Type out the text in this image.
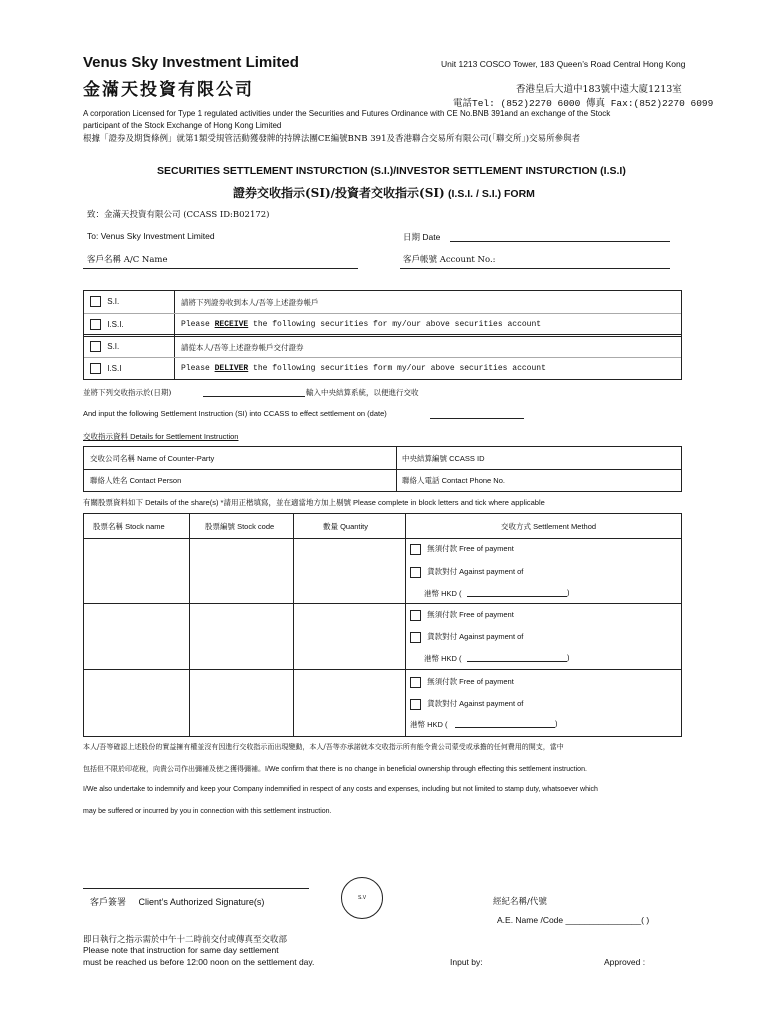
Venus Sky Investment Limited
金滿天投資有限公司
Unit 1213 COSCO Tower, 183 Queen’s Road Central Hong Kong
香港皇后大道中183號中遠大廈1213室
電話Tel: (852)2270 6000 傳真 Fax:(852)2270 6099
A corporation Licensed for Type 1 regulated activities under the Securities and Futures Ordinance with CE No.BNB 391and an exchange of the Stock
participant of the Stock Exchange of Hong Kong Limited
根據「證券及期貨條例」就第1類受規管活動獲發牌的持牌法團CE編號BNB 391及香港聯合交易所有限公司(「聯交所」)交易所參與者
SECURITIES SETTLEMENT INSTURCTION (S.I.)/INVESTOR SETTLEMENT INSTURCTION (I.S.I)
證券交收指示(SI)/投資者交收指示(SI) (I.S.I. / S.I.) FORM
致：金滿天投資有限公司 (CCASS ID:B02172)
To: Venus Sky Investment Limited	日期 Date
客戶名稱 A/C Name	客戶帳號 Account No.:
S.I.	請將下列證券收到本人/吾等上述證券帳戶
I.S.I.	Please RECEIVE the following securities for my/our above securities account
S.I.	請從本人/吾等上述證券帳戶交付證券
I.S.I	Please DELIVER the following securities form my/our above securities account
並將下列交收指示於(日期)	輸入中央結算系統，以便進行交收
And input the following Settlement Instruction (SI) into CCASS to effect settlement on (date)
交收指示資料 Details for Settlement Instruction
交收公司名稱 Name of Counter-Party	中央結算編號 CCASS ID
聯絡人姓名 Contact Person	聯絡人電話 Contact Phone No.
有關股票資料如下 Details of the share(s) *請用正楷填寫，並在適當地方加上剔號 Please complete in block letters and tick where applicable
股票名稱 Stock name	股票編號 Stock code	數量 Quantity	交收方式 Settlement Method
無須付款 Free of payment
貨款對付 Against payment of
港幣 HKD (	)
無須付款 Free of payment
貨款對付 Against payment of
港幣 HKD (	)
無須付款 Free of payment
貨款對付 Against payment of
港幣 HKD (	)
本人/吾等確認上述股份的實益擁有權並沒有因進行交收指示而出現變動，本人/吾等亦承諾就本交收指示所有能令貴公司蒙受或承擔的任何費用的開支，當中
包括但不限於印花稅，向貴公司作出彌補及使之獲得彌補。I/We confirm that there is no change in beneficial ownership through effecting this settlement instruction.
I/We also undertake to indemnify and keep your Company indemnified in respect of any costs and expenses, including but not limited to stamp duty, whatsoever which
may be suffered or incurred by you in connection with this settlement instruction.
客戶簽署 Client’s Authorized Signature(s)	S.V	經紀名稱/代號
A.E. Name /Code ________________( )
即日執行之指示需於中午十二時前交付或傳真至交收部
Please note that instruction for same day settlement
must be reached us before 12:00 noon on the settlement day.	Input by:	Approved :
